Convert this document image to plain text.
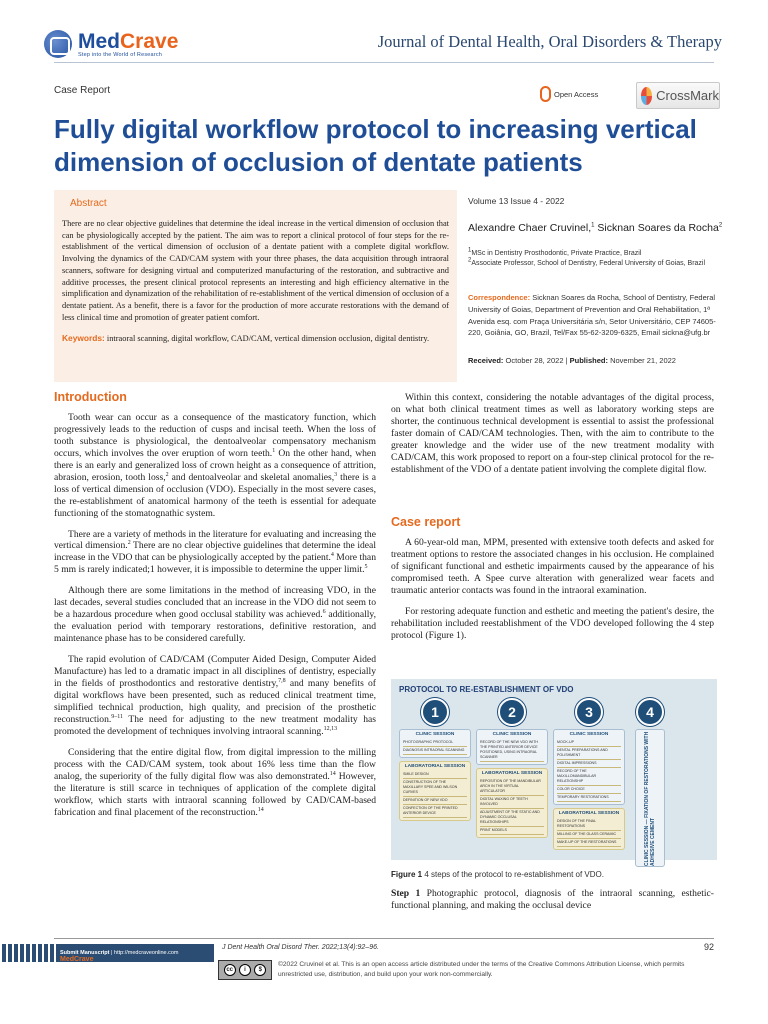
MedCrave
Step into the World of Research
Journal of Dental Health, Oral Disorders & Therapy
Case Report	Open Access	CrossMark
Fully digital workflow protocol to increasing vertical dimension of occlusion of dentate patients
Abstract
There are no clear objective guidelines that determine the ideal increase in the vertical dimension of occlusion that can be physiologically accepted by the patient. The aim was to report a clinical protocol of four steps for the re-establishment of the vertical dimension of occlusion of a dentate patient with a complete digital workflow. Involving the dynamics of the CAD/CAM system with your three phases, the data acquisition through intraoral scanners, software for designing virtual and computerized manufacturing of the restoration, and subtractive and additive processes, the present clinical protocol represents an interesting and high efficiency alternative in the simplification and dynamization of the rehabilitation of re-establishment of the vertical dimension of occlusion of a dentate patient. As a benefit, there is a favor for the production of more accurate restorations with the demand of less clinical time and promotion of greater patient comfort.
Keywords: intraoral scanning, digital workflow, CAD/CAM, vertical dimension occlusion, digital dentistry.
Volume 13 Issue 4 - 2022
Alexandre Chaer Cruvinel,$^1$ Sicknan Soares da Rocha$^2$
$^1$MSc in Dentistry Prosthodontic, Private Practice, Brazil
$^2$Associate Professor, School of Dentistry, Federal University of Goias, Brazil
Correspondence: Sicknan Soares da Rocha, School of Dentistry, Federal University of Goias, Department of Prevention and Oral Rehabilitation, 1ª Avenida esq. com Praça Universitária s/n, Setor Universitário, CEP 74605-220, Goiânia, GO, Brazil, Tel/Fax 55-62-3209-6325, Email sickna@ufg.br
Received: October 28, 2022 | Published: November 21, 2022
Introduction

Tooth wear can occur as a consequence of the masticatory function, which progressively leads to the reduction of cusps and incisal teeth. When the loss of tooth substance is physiological, the dentoalveolar compensatory mechanism occurs, which involves the over eruption of worn teeth.$^1$ On the other hand, when there is an early and generalized loss of crown height as a consequence of attrition, abrasion, erosion, tooth loss,$^2$ and dentoalveolar and skeletal anomalies,$^3$ there is a loss of vertical dimension of occlusion (VDO). Especially in the most severe cases, the re-establishment of anatomical harmony of the teeth is essential for adequate functioning of the stomatognathic system.

There are a variety of methods in the literature for evaluating and increasing the vertical dimension.$^2$ There are no clear objective guidelines that determine the ideal increase in the VDO that can be physiologically accepted by the patient.$^4$ More than 5 mm is rarely indicated;1 however, it is impossible to determine the upper limit.$^5$

Although there are some limitations in the method of increasing VDO, in the last decades, several studies concluded that an increase in the VDO did not seem to be a hazardous procedure when good occlusal stability was achieved.$^6$ additionally, the evaluation period with temporary restorations, definitive restoration, and maintenance phase has to be considered carefully.

The rapid evolution of CAD/CAM (Computer Aided Design, Computer Aided Manufacture) has led to a dramatic impact in all disciplines of dentistry, especially in the fields of prosthodontics and restorative dentistry,$^{7,8}$ and many benefits of digital workflows have been presented, such as reduced clinical treatment time, simplified technical production, high quality, and precision of the prosthetic reconstruction.$^{9-11}$ The need for adjusting to the new treatment modality has promoted the development of techniques involving intraoral scanning.$^{12,13}$

Considering that the entire digital flow, from digital impression to the milling process with the CAD/CAM system, took about 16% less time than the flow analog, the superiority of the fully digital flow was also demonstrated.$^{14}$ However, the literature is still scarce in techniques of application of the complete digital workflow, which starts with intraoral scanning followed by CAD/CAM-based fabrication and final placement of the reconstruction.$^{14}$

Within this context, considering the notable advantages of the digital process, on what both clinical treatment times as well as laboratory working steps are shorter, the continuous technical development is essential to assist the professional faster domain of CAD/CAM technologies. Then, with the aim to contribute to the greater knowledge and the wider use of the new treatment modality with CAD/CAM, this work proposed to report on a four-step clinical protocol for the re-establishment of the VDO of a dentate patient involving the complete digital flow.

Case report

A 60-year-old man, MPM, presented with extensive tooth defects and asked for treatment options to restore the associated changes in his occlusion. He complained of significant functional and esthetic impairments caused by the appearance of his compromised teeth. A Spee curve alteration with generalized wear facets and traumatic anterior contacts was found in the intraoral examination.

For restoring adequate function and esthetic and meeting the patient's desire, the rehabilitation included reestablishment of the VDO developed following the 4 step protocol (Figure 1).

PROTOCOL TO RE-ESTABLISHMENT OF VDO
1
CLINIC SESSION
PHOTOGRAPHIC PROTOCOL
DIAGNOSIS INTRAORAL SCANNING
LABORATORIAL SESSION
SMILE DESIGN
CONSTRUCTION OF THE MAXILLARY SPEE AND WILSON CURVES
DEFINITION OF NEW VDO
CONFECTION OF THE PRINTED ANTERIOR DEVICE
2
CLINIC SESSION
RECORD OF THE NEW VDO WITH THE PRINTED ANTERIOR DEVICE POSITIONED, USING INTRAORAL SCANNER
LABORATORIAL SESSION
REPOSITION OF THE MANDIBULAR ARCH IN THE VIRTUAL ARTICULATOR
DIGITAL WAXING OF TEETH INVOLVED
ADJUSTMENT OF THE STATIC AND DYNAMIC OCCLUSAL RELATIONSHIPS
PRINT MODELS
3
CLINIC SESSION
MOCK-UP
DENTAL PREPARATIONS AND POLISHMENT
DIGITAL IMPRESSIONS
RECORD OF THE MAXILLOMANDIBULAR RELATIONSHIP
COLOR CHOICE
TEMPORARY RESTORATIONS
LABORATORIAL SESSION
DESIGN OF THE FINAL RESTORATIONS
MILLING OF THE GLASS CERAMIC
MAKE-UP OF THE RESTORATIONS
4
CLINIC SESSION — FIXATION OF RESTORATIONS WITH ADHESIVE CEMENT
Figure 1 4 steps of the protocol to re-establishment of VDO.
Step 1 Photographic protocol, diagnosis of the intraoral scanning, esthetic-functional planning, and making the occlusal device
Submit Manuscript | http://medcraveonline.com
MedCrave
J Dent Health Oral Disord Ther. 2022;13(4):92‒96.	92
cc	i	$
©2022 Cruvinel et al. This is an open access article distributed under the terms of the Creative Commons Attribution License, which permits unrestricted use, distribution, and build upon your work non-commercially.
